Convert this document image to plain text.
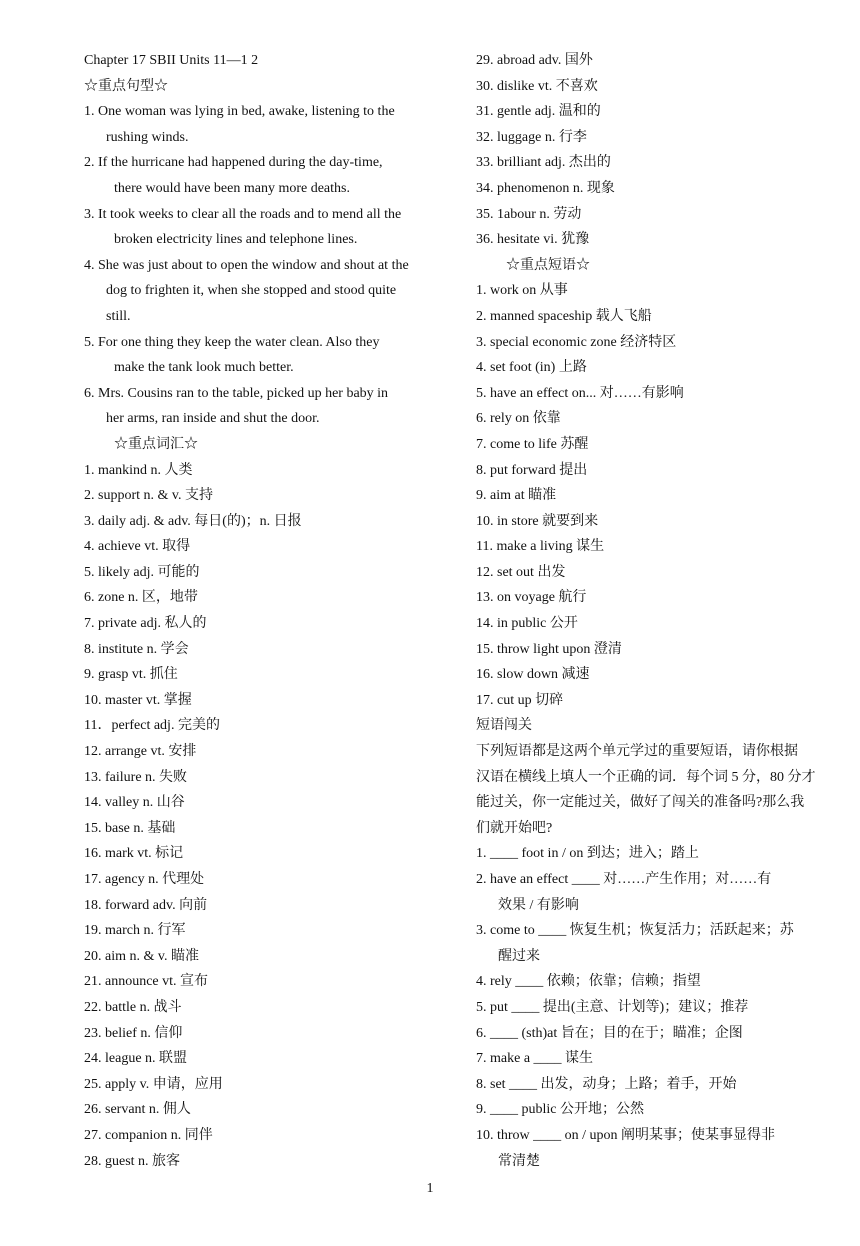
Chapter 17 SBII Units 11—1 2
☆重点句型☆
1. One woman was lying in bed, awake, listening to the
rushing winds.
2. If the hurricane had happened during the day-time,
there would have been many more deaths.
3. It took weeks to clear all the roads and to mend all the
broken electricity lines and telephone lines.
4. She was just about to open the window and shout at the
dog to frighten it, when she stopped and stood quite
still.
5. For one thing they keep the water clean. Also they
make the tank look much better.
6. Mrs. Cousins ran to the table, picked up her baby in
her arms, ran inside and shut the door.
☆重点词汇☆
1. mankind n. 人类
2. support n. & v. 支持
3. daily adj. & adv. 每日(的)；n. 日报
4. achieve vt. 取得
5. likely adj. 可能的
6. zone n. 区，地带
7. private adj. 私人的
8. institute n. 学会
9. grasp vt. 抓住
10. master vt. 掌握
11．perfect adj. 完美的
12. arrange vt. 安排
13. failure n. 失败
14. valley n. 山谷
15. base n. 基础
16. mark vt. 标记
17. agency n. 代理处
18. forward adv. 向前
19. march n. 行军
20. aim n. & v. 瞄准
21. announce vt. 宣布
22. battle n. 战斗
23. belief n. 信仰
24. league n. 联盟
25. apply v. 申请，应用
26. servant n. 佣人
27. companion n. 同伴
28. guest n. 旅客
29. abroad adv. 国外
30. dislike vt. 不喜欢
31. gentle adj. 温和的
32. luggage n. 行李
33. brilliant adj. 杰出的
34. phenomenon n. 现象
35. 1abour n. 劳动
36. hesitate vi. 犹豫
☆重点短语☆
1. work on 从事
2. manned spaceship 载人飞船
3. special economic zone 经济特区
4. set foot (in) 上路
5. have an effect on... 对……有影响
6. rely on 依靠
7. come to life 苏醒
8. put forward 提出
9. aim at 瞄准
10. in store 就要到来
11. make a living 谋生
12. set out 出发
13. on voyage 航行
14. in public 公开
15. throw light upon 澄清
16. slow down 减速
17. cut up 切碎
短语闯关
下列短语都是这两个单元学过的重要短语，请你根据
汉语在横线上填人一个正确的词．每个词 5 分，80 分才
能过关，你一定能过关，做好了闯关的准备吗?那么我
们就开始吧?
1. ____ foot in / on 到达；进入；踏上
2. have an effect ____ 对……产生作用；对……有
效果 / 有影响
3. come to ____ 恢复生机；恢复活力；活跃起来；苏
醒过来
4. rely ____ 依赖；依靠；信赖；指望
5. put ____ 提出(主意、计划等)；建议；推荐
6. ____ (sth)at 旨在；目的在于；瞄准；企图
7. make a ____ 谋生
8. set ____ 出发，动身；上路；着手，开始
9. ____ public 公开地；公然
10. throw ____ on / upon 阐明某事；使某事显得非
常清楚
1
